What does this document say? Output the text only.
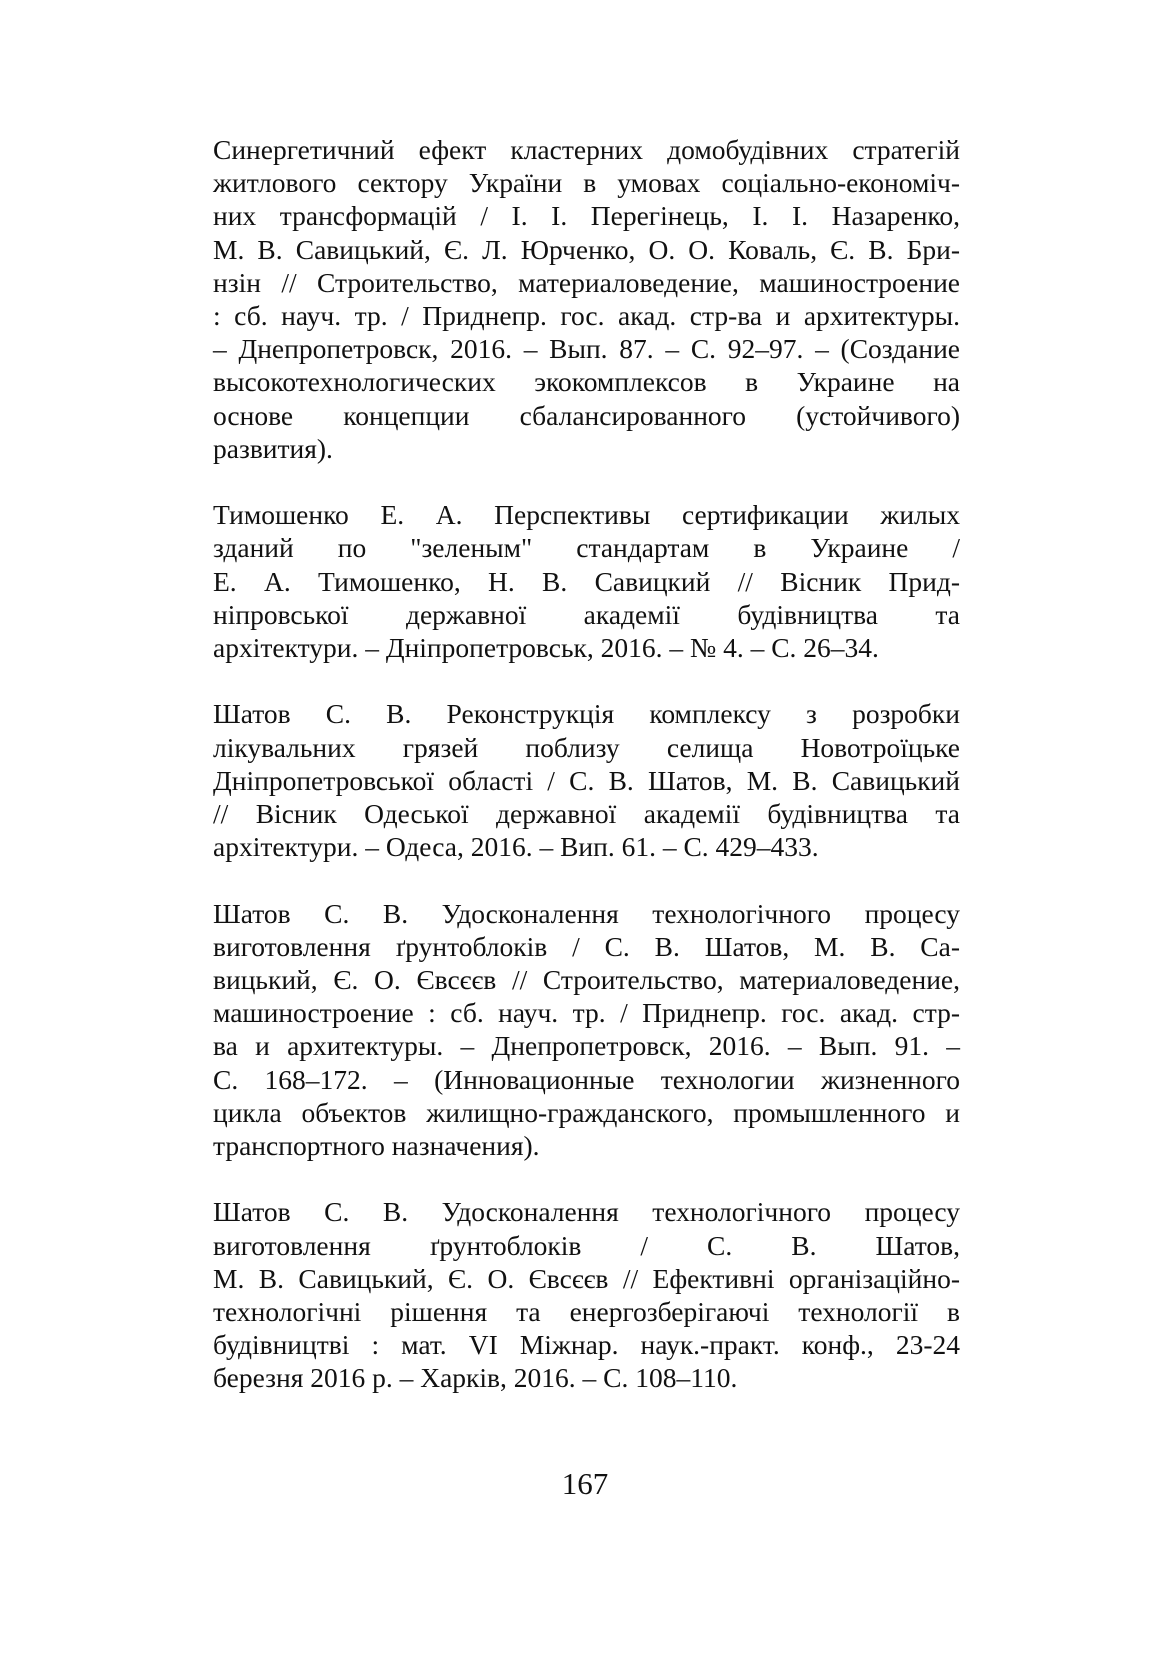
Синергетичний ефект кластерних домобудівних стратегій
житлового сектору України в умовах соціально-економіч-
них трансформацій / І. І. Перегінець, І. І. Назаренко,
М. В. Савицький, Є. Л. Юрченко, О. О. Коваль, Є. В. Бри-
нзін // Строительство, материаловедение, машиностроение
: сб. науч. тр. / Приднепр. гос. акад. стр-ва и архитектуры.
– Днепропетровск, 2016. – Вып. 87. – С. 92–97. – (Создание
высокотехнологических экокомплексов в Украине на
основе концепции сбалансированного (устойчивого)
развития).

Тимошенко Е. А. Перспективы сертификации жилых
зданий по "зеленым" стандартам в Украине /
Е. А. Тимошенко, Н. В. Савицкий // Вісник Прид-
ніпровської державної академії будівництва та
архітектури. – Дніпропетровськ, 2016. – № 4. – С. 26–34.

Шатов С. В. Реконструкція комплексу з розробки
лікувальних грязей поблизу селища Новотроїцьке
Дніпропетровської області / С. В. Шатов, М. В. Савицький
// Вісник Одеської державної академії будівництва та
архітектури. – Одеса, 2016. – Вип. 61. – С. 429–433.

Шатов С. В. Удосконалення технологічного процесу
виготовлення ґрунтоблоків / С. В. Шатов, М. В. Са-
вицький, Є. О. Євсєєв // Строительство, материаловедение,
машиностроение : сб. науч. тр. / Приднепр. гос. акад. стр-
ва и архитектуры. – Днепропетровск, 2016. – Вып. 91. –
С. 168–172. – (Инновационные технологии жизненного
цикла объектов жилищно-гражданского, промышленного и
транспортного назначения).

Шатов С. В. Удосконалення технологічного процесу
виготовлення ґрунтоблоків / С. В. Шатов,
М. В. Савицький, Є. О. Євсєєв // Ефективні організаційно-
технологічні рішення та енергозберігаючі технології в
будівництві : мат. VI Міжнар. наук.-практ. конф., 23-24
березня 2016 р. – Харків, 2016. – С. 108–110.

167
